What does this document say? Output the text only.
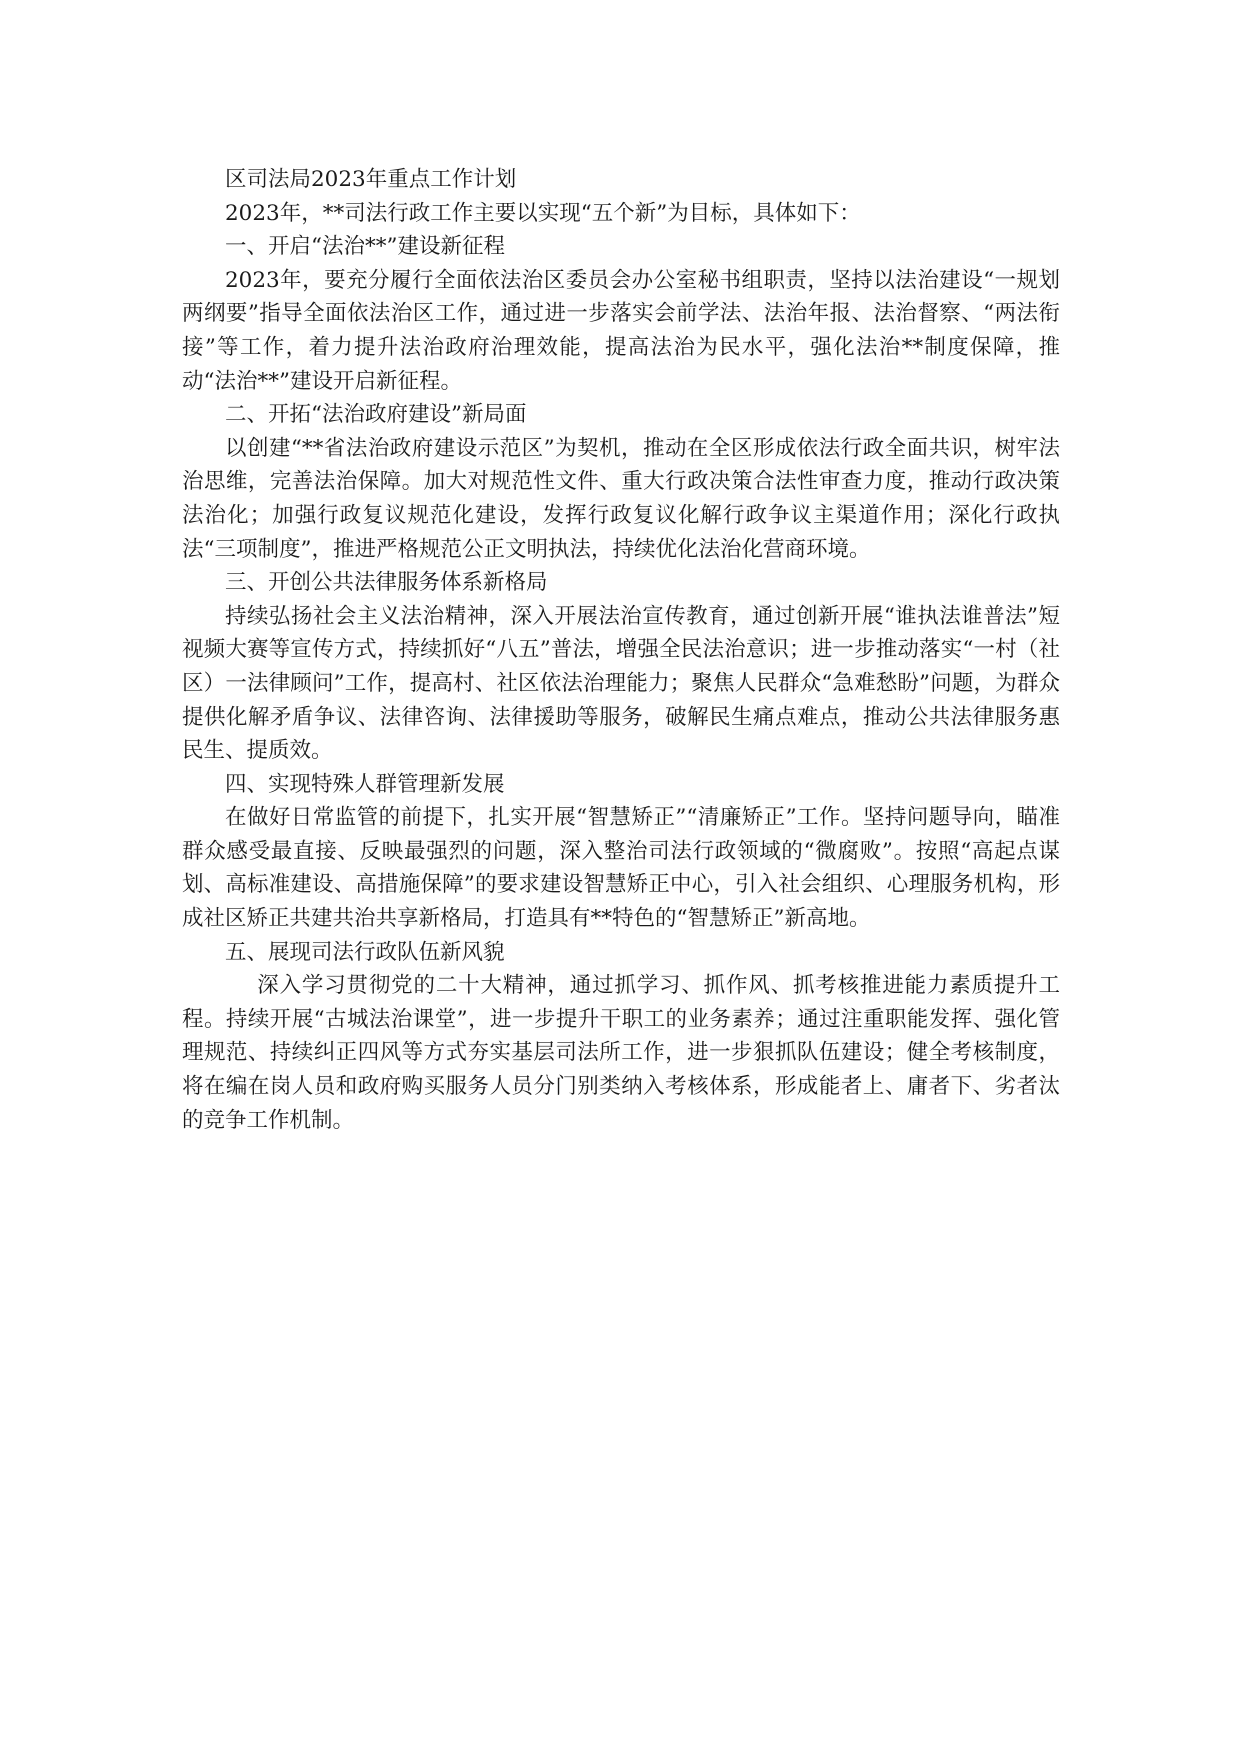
区司法局2023年重点工作计划

2023年，**司法行政工作主要以实现“五个新”为目标，具体如下：

一、开启“法治**”建设新征程

2023年，要充分履行全面依法治区委员会办公室秘书组职责，坚持以法治建设“一规划两纲要”指导全面依法治区工作，通过进一步落实会前学法、法治年报、法治督察、“两法衔接”等工作，着力提升法治政府治理效能，提高法治为民水平，强化法治**制度保障，推动“法治**”建设开启新征程。

二、开拓“法治政府建设”新局面

以创建“**省法治政府建设示范区”为契机，推动在全区形成依法行政全面共识，树牢法治思维，完善法治保障。加大对规范性文件、重大行政决策合法性审查力度，推动行政决策法治化；加强行政复议规范化建设，发挥行政复议化解行政争议主渠道作用；深化行政执法“三项制度”，推进严格规范公正文明执法，持续优化法治化营商环境。

三、开创公共法律服务体系新格局

持续弘扬社会主义法治精神，深入开展法治宣传教育，通过创新开展“谁执法谁普法”短视频大赛等宣传方式，持续抓好“八五”普法，增强全民法治意识；进一步推动落实“一村（社区）一法律顾问”工作，提高村、社区依法治理能力；聚焦人民群众“急难愁盼”问题，为群众提供化解矛盾争议、法律咨询、法律援助等服务，破解民生痛点难点，推动公共法律服务惠民生、提质效。

四、实现特殊人群管理新发展

在做好日常监管的前提下，扎实开展“智慧矫正”“清廉矫正”工作。坚持问题导向，瞄准群众感受最直接、反映最强烈的问题，深入整治司法行政领域的“微腐败”。按照“高起点谋划、高标准建设、高措施保障”的要求建设智慧矫正中心，引入社会组织、心理服务机构，形成社区矫正共建共治共享新格局，打造具有**特色的“智慧矫正”新高地。

五、展现司法行政队伍新风貌

深入学习贯彻党的二十大精神，通过抓学习、抓作风、抓考核推进能力素质提升工程。持续开展“古城法治课堂”，进一步提升干职工的业务素养；通过注重职能发挥、强化管理规范、持续纠正四风等方式夯实基层司法所工作，进一步狠抓队伍建设；健全考核制度，将在编在岗人员和政府购买服务人员分门别类纳入考核体系，形成能者上、庸者下、劣者汰的竞争工作机制。
